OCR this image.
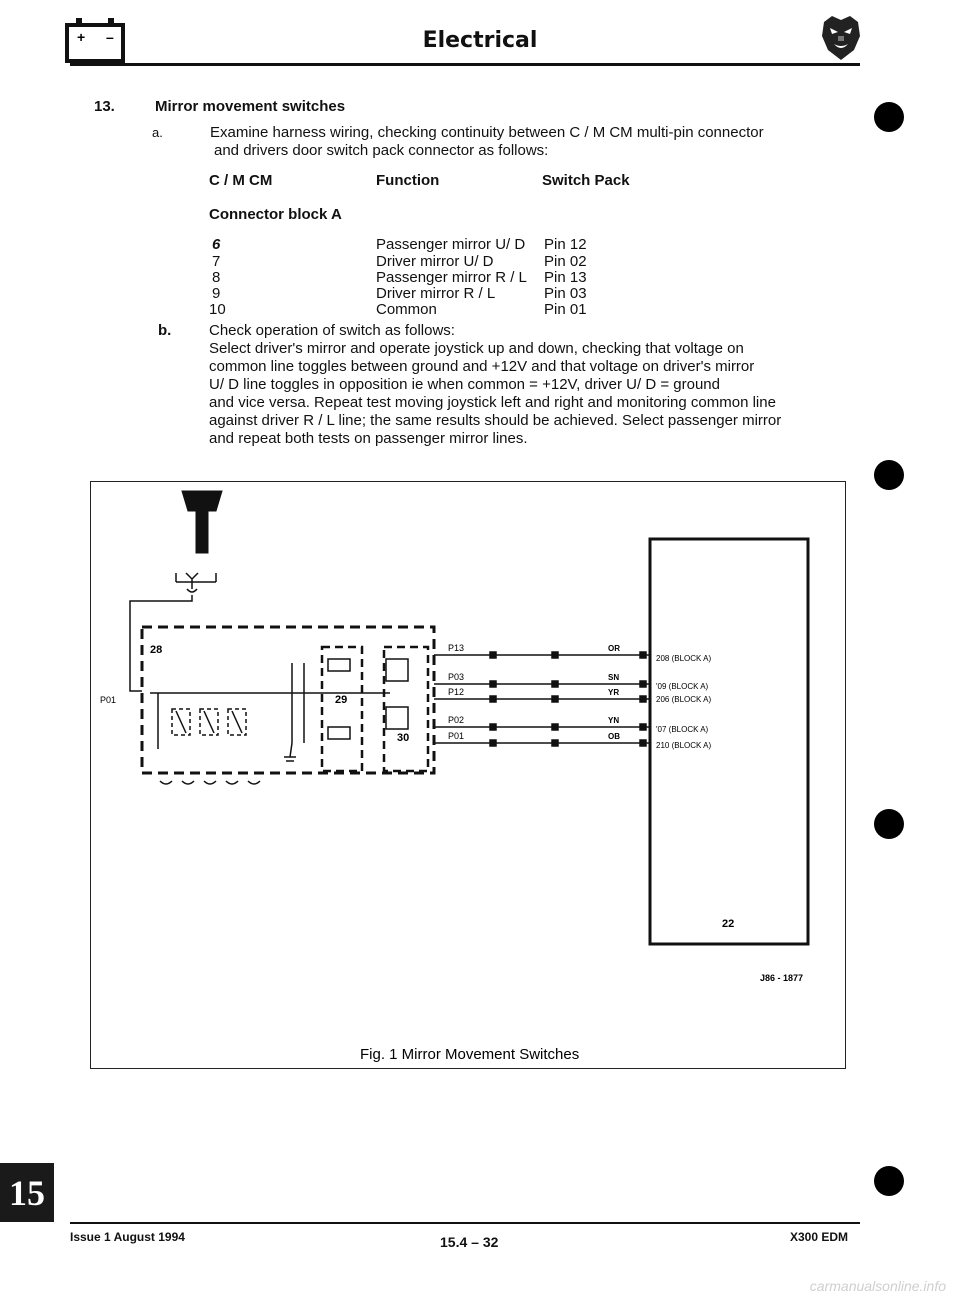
+ –	Electrical
13.	Mirror movement switches
a.	Examine harness wiring, checking continuity between C / M CM multi-pin connector
and drivers door switch pack connector as follows:
C / M CM	Function	Switch Pack
Connector block A
6	Passenger mirror U/ D Pin 12
7	Driver mirror U/ D	Pin 02
8	Passenger mirror R / L Pin 13
9	Driver mirror R / L	Pin 03
10	Common	Pin 01
b.	Check operation of switch as follows:
Select driver's mirror and operate joystick up and down, checking that voltage on
common line toggles between ground and +12V and that voltage on driver's mirror
U/ D line toggles in opposition ie when common = +12V, driver U/ D = ground
and vice versa. Repeat test moving joystick left and right and monitoring common line
against driver R / L line; the same results should be achieved. Select passenger mirror
and repeat both tests on passenger mirror lines.
28
P01	29
30
P13
P03
P12
P02
P01
OR
SN
YR
YN
OB
208 (BLOCK A)
'09 (BLOCK A)
206 (BLOCK A)
'07 (BLOCK A)
210 (BLOCK A)
22
J86 - 1877
Fig. 1 Mirror Movement Switches
15
Issue 1 August 1994	15.4 – 32	X300 EDM
carmanualsonline.info
